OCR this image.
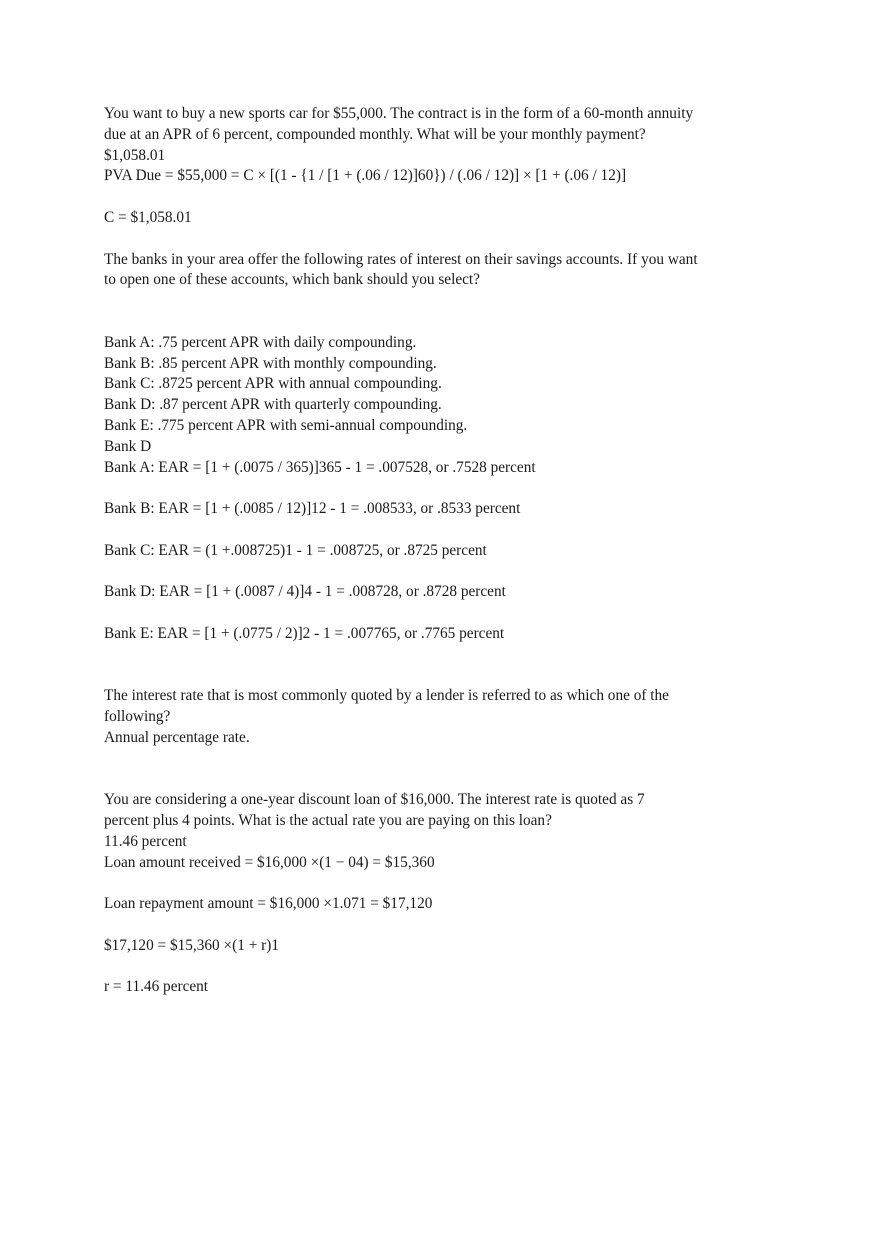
You want to buy a new sports car for $55,000. The contract is in the form of a 60-month annuity
due at an APR of 6 percent, compounded monthly. What will be your monthly payment?
$1,058.01
PVA Due = $55,000 = C × [(1 - {1 / [1 + (.06 / 12)]60}) / (.06 / 12)] × [1 + (.06 / 12)]
C = $1,058.01
The banks in your area offer the following rates of interest on their savings accounts. If you want
to open one of these accounts, which bank should you select?
Bank A: .75 percent APR with daily compounding.
Bank B: .85 percent APR with monthly compounding.
Bank C: .8725 percent APR with annual compounding.
Bank D: .87 percent APR with quarterly compounding.
Bank E: .775 percent APR with semi-annual compounding.
Bank D
Bank A: EAR = [1 + (.0075 / 365)]365 - 1 = .007528, or .7528 percent
Bank B: EAR = [1 + (.0085 / 12)]12 - 1 = .008533, or .8533 percent
Bank C: EAR = (1 +.008725)1 - 1 = .008725, or .8725 percent
Bank D: EAR = [1 + (.0087 / 4)]4 - 1 = .008728, or .8728 percent
Bank E: EAR = [1 + (.0775 / 2)]2 - 1 = .007765, or .7765 percent
The interest rate that is most commonly quoted by a lender is referred to as which one of the
following?
Annual percentage rate.
You are considering a one-year discount loan of $16,000. The interest rate is quoted as 7
percent plus 4 points. What is the actual rate you are paying on this loan?
11.46 percent
Loan amount received = $16,000 ×(1 − 04) = $15,360
Loan repayment amount = $16,000 ×1.071 = $17,120
$17,120 = $15,360 ×(1 + r)1
r = 11.46 percent
